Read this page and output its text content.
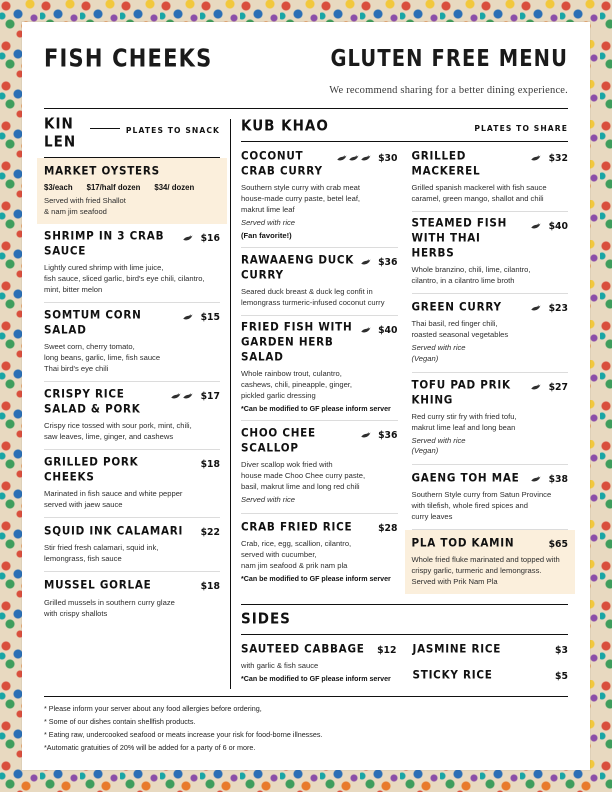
FISH CHEEKS	GLUTEN FREE MENU
We recommend sharing for a better dining experience.
KIN LEN
PLATES TO SNACK
MARKET OYSTERS
$3/each $17/half dozen $34/ dozen
Served with fried Shallot
& nam jim seafood
SHRIMP IN 3 CRAB SAUCE
$16
Lightly cured shrimp with lime juice,
fish sauce, sliced garlic, bird's eye chili, cilantro,
mint, bitter melon
SOMTUM CORN SALAD
$15
Sweet corn, cherry tomato,
long beans, garlic, lime, fish sauce
Thai bird's eye chili
CRISPY RICE
SALAD & PORK
$17
Crispy rice tossed with sour pork, mint, chili,
saw leaves, lime, ginger, and cashews
GRILLED PORK CHEEKS
$18
Marinated in fish sauce and white pepper
served with jaew sauce
SQUID INK CALAMARI	$22
Stir fried fresh calamari, squid ink,
lemongrass, fish sauce
MUSSEL GORLAE	$18
Grilled mussels in southern curry glaze
with crispy shallots
KUB KHAO	PLATES TO SHARE
COCONUT CRAB CURRY
$30
Southern style curry with crab meat
house-made curry paste, betel leaf,
makrut lime leaf
Served with rice
(Fan favorite!)
RAWAAENG DUCK CURRY
$36
Seared duck breast & duck leg confit in
lemongrass turmeric-infused coconut curry
FRIED FISH WITH
GARDEN HERB SALAD
$40
Whole rainbow trout, culantro,
cashews, chili, pineapple, ginger,
pickled garlic dressing
*Can be modified to GF please inform server
CHOO CHEE SCALLOP
$36
Diver scallop wok fried with
house made Choo Chee curry paste,
basil, makrut lime and long red chili
Served with rice
CRAB FRIED RICE	$28
Crab, rice, egg, scallion, cilantro,
served with cucumber,
nam jim seafood & prik nam pla
*Can be modified to GF please inform server
GRILLED MACKEREL
$32
Grilled spanish mackerel with fish sauce
caramel, green mango, shallot and chili
STEAMED FISH
WITH THAI HERBS
$40
Whole branzino, chili, lime, cilantro,
cilantro, in a cilantro lime broth
GREEN CURRY	$23
Thai basil, red finger chili,
roasted seasonal vegetables
Served with rice
(Vegan)
TOFU PAD PRIK KHING
$27
Red curry stir fry with fried tofu,
makrut lime leaf and long bean
Served with rice
(Vegan)
GAENG TOH MAE	$38
Southern Style curry from Satun Province
with tilefish, whole fired spices and
curry leaves
PLA TOD KAMIN	$65
Whole fried fluke marinated and topped with
crispy garlic, turmeric and lemongrass.
Served with Prik Nam Pla
SIDES
SAUTEED CABBAGE	$12
with garlic & fish sauce
*Can be modified to GF please inform server
JASMINE RICE	$3
STICKY RICE	$5
* Please inform your server about any food allergies before ordering,
* Some of our dishes contain shellfish products.
* Eating raw, undercooked seafood or meats increase your risk for food-borne illnesses.
*Automatic gratuities of 20% will be added for a party of 6 or more.
